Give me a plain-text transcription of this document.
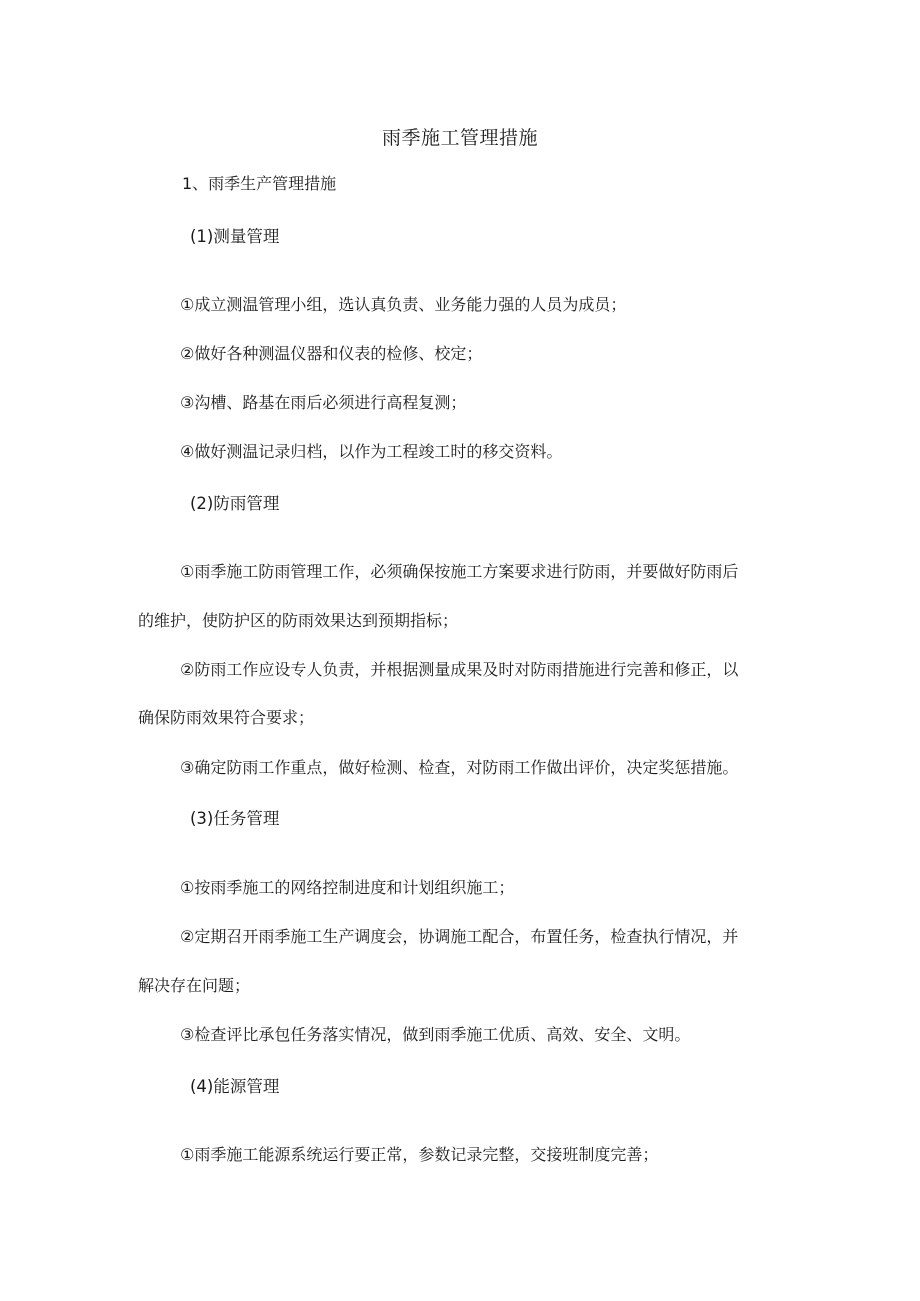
雨季施工管理措施

1、雨季生产管理措施

(1)测量管理

①成立测温管理小组，选认真负责、业务能力强的人员为成员；

②做好各种测温仪器和仪表的检修、校定；

③沟槽、路基在雨后必须进行高程复测；

④做好测温记录归档，以作为工程竣工时的移交资料。

(2)防雨管理

①雨季施工防雨管理工作，必须确保按施工方案要求进行防雨，并要做好防雨后

的维护，使防护区的防雨效果达到预期指标；

②防雨工作应设专人负责，并根据测量成果及时对防雨措施进行完善和修正，以

确保防雨效果符合要求；

③确定防雨工作重点，做好检测、检查，对防雨工作做出评价，决定奖惩措施。

(3)任务管理

①按雨季施工的网络控制进度和计划组织施工；

②定期召开雨季施工生产调度会，协调施工配合，布置任务，检查执行情况，并

解决存在问题；

③检查评比承包任务落实情况，做到雨季施工优质、高效、安全、文明。

(4)能源管理

①雨季施工能源系统运行要正常，参数记录完整，交接班制度完善；
